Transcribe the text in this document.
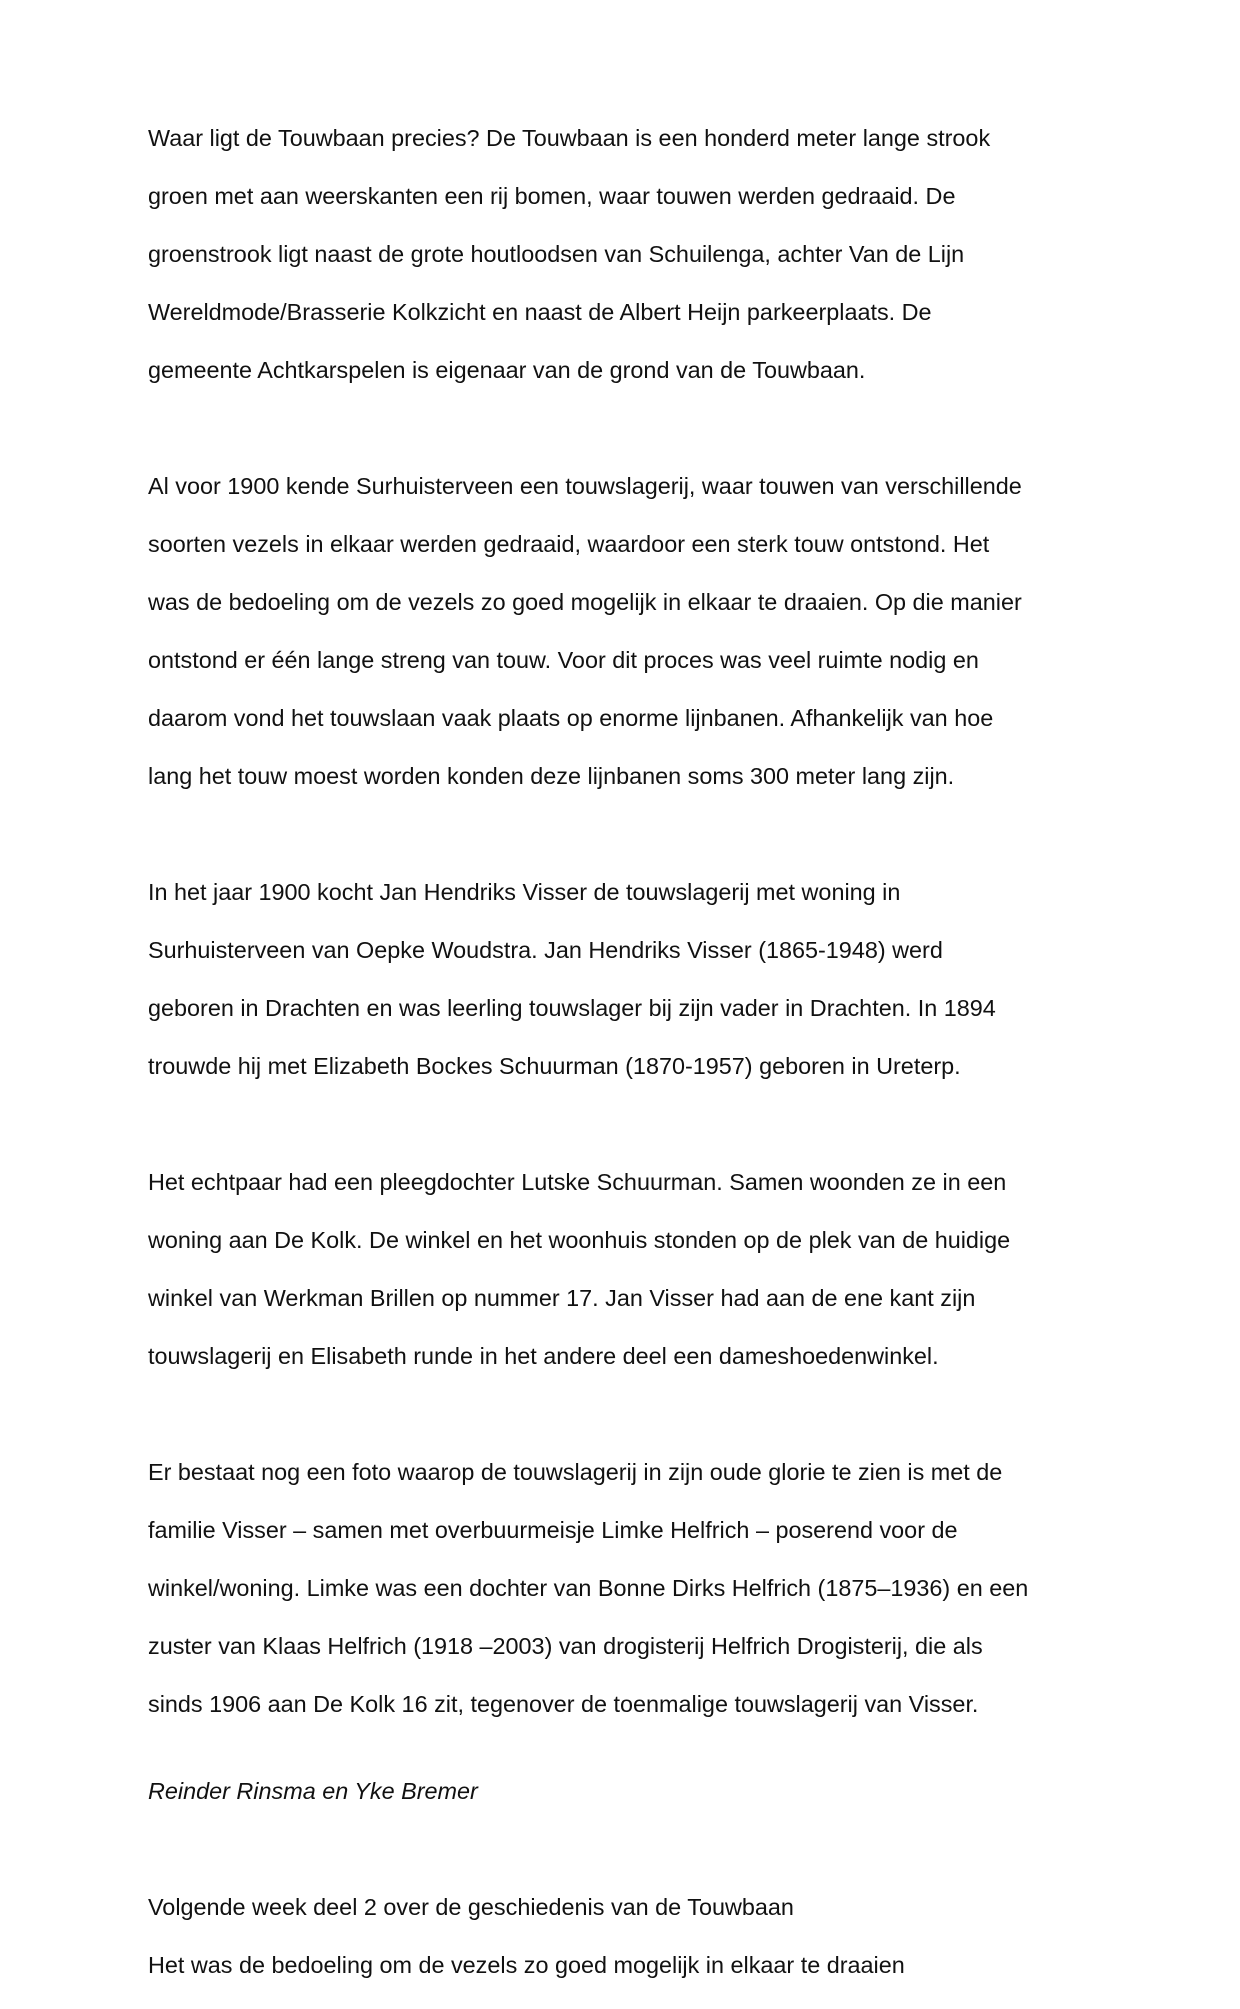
Waar ligt de Touwbaan precies? De Touwbaan is een honderd meter lange strook

groen met aan weerskanten een rij bomen, waar touwen werden gedraaid. De

groenstrook ligt naast de grote houtloodsen van Schuilenga, achter Van de Lijn

Wereldmode/Brasserie Kolkzicht en naast de Albert Heijn parkeerplaats. De

gemeente Achtkarspelen is eigenaar van de grond van de Touwbaan.

Al voor 1900 kende Surhuisterveen een touwslagerij, waar touwen van verschillende

soorten vezels in elkaar werden gedraaid, waardoor een sterk touw ontstond. Het

was de bedoeling om de vezels zo goed mogelijk in elkaar te draaien. Op die manier

ontstond er één lange streng van touw. Voor dit proces was veel ruimte nodig en

daarom vond het touwslaan vaak plaats op enorme lijnbanen. Afhankelijk van hoe

lang het touw moest worden konden deze lijnbanen soms 300 meter lang zijn.

In het jaar 1900 kocht Jan Hendriks Visser de touwslagerij met woning in

Surhuisterveen van Oepke Woudstra. Jan Hendriks Visser (1865-1948) werd

geboren in Drachten en was leerling touwslager bij zijn vader in Drachten. In 1894

trouwde hij met Elizabeth Bockes Schuurman (1870-1957) geboren in Ureterp.

Het echtpaar had een pleegdochter Lutske Schuurman. Samen woonden ze in een

woning aan De Kolk. De winkel en het woonhuis stonden op de plek van de huidige

winkel van Werkman Brillen op nummer 17. Jan Visser had aan de ene kant zijn

touwslagerij en Elisabeth runde in het andere deel een dameshoedenwinkel.

Er bestaat nog een foto waarop de touwslagerij in zijn oude glorie te zien is met de

familie Visser – samen met overbuurmeisje Limke Helfrich – poserend voor de

winkel/woning. Limke was een dochter van Bonne Dirks Helfrich (1875–1936) en een

zuster van Klaas Helfrich (1918 –2003) van drogisterij Helfrich Drogisterij, die als

sinds 1906 aan De Kolk 16 zit, tegenover de toenmalige touwslagerij van Visser.

Reinder Rinsma en Yke Bremer

Volgende week deel 2 over de geschiedenis van de Touwbaan

Het was de bedoeling om de vezels zo goed mogelijk in elkaar te draaien
